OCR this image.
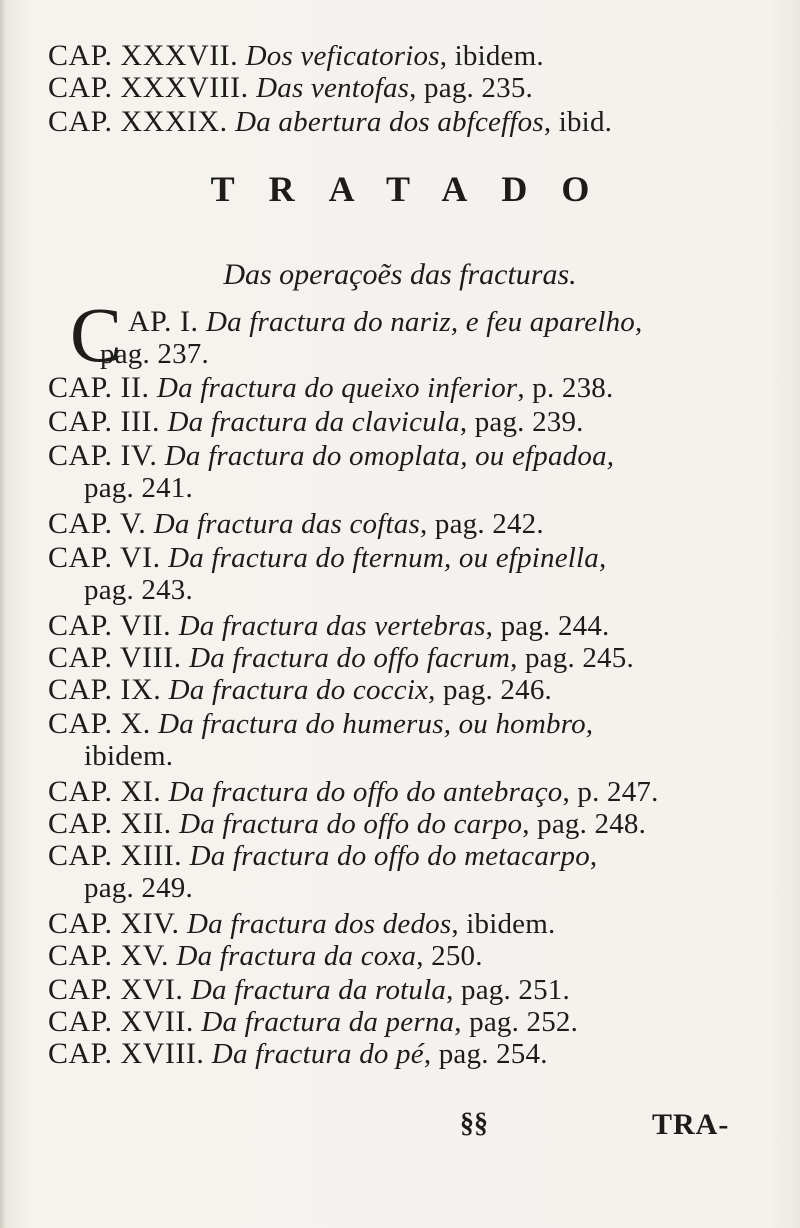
CAP. XXXVII. Dos veficatorios, ibidem.
CAP. XXXVIII. Das ventofas, pag. 235.
CAP. XXXIX. Da abertura dos abfceffos, ibid.
TRATADO
Das operaçoẽs das fracturas.
C AP. I. Da fractura do nariz, e feu aparelho,
pag. 237.
CAP. II. Da fractura do queixo inferior, p. 238.
CAP. III. Da fractura da clavicula, pag. 239.
CAP. IV. Da fractura do omoplata, ou efpadoa,
pag. 241.
CAP. V. Da fractura das coftas, pag. 242.
CAP. VI. Da fractura do fternum, ou efpinella,
pag. 243.
CAP. VII. Da fractura das vertebras, pag. 244.
CAP. VIII. Da fractura do offo facrum, pag. 245.
CAP. IX. Da fractura do coccix, pag. 246.
CAP. X. Da fractura do humerus, ou hombro,
ibidem.
CAP. XI. Da fractura do offo do antebraço, p. 247.
CAP. XII. Da fractura do offo do carpo, pag. 248.
CAP. XIII. Da fractura do offo do metacarpo,
pag. 249.
CAP. XIV. Da fractura dos dedos, ibidem.
CAP. XV. Da fractura da coxa, 250.
CAP. XVI. Da fractura da rotula, pag. 251.
CAP. XVII. Da fractura da perna, pag. 252.
CAP. XVIII. Da fractura do pé, pag. 254.
§§	TRA-
